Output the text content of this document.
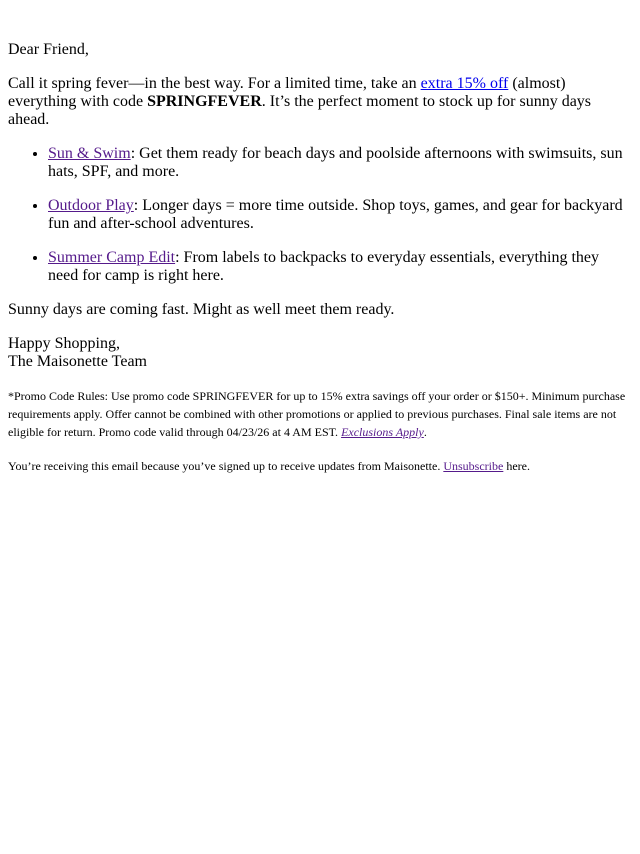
Dear Friend,

Call it spring fever—in the best way. For a limited time, take an extra 15% off (almost) everything with code SPRINGFEVER. It’s the perfect moment to stock up for sunny days ahead.

• Sun & Swim: Get them ready for beach days and poolside afternoons with swimsuits, sun hats, SPF, and more.
• Outdoor Play: Longer days = more time outside. Shop toys, games, and gear for backyard fun and after-school adventures.
• Summer Camp Edit: From labels to backpacks to everyday essentials, everything they need for camp is right here.

Sunny days are coming fast. Might as well meet them ready.

Happy Shopping,
The Maisonette Team

*Promo Code Rules: Use promo code SPRINGFEVER for up to 15% extra savings off your order or $150+. Minimum purchase requirements apply. Offer cannot be combined with other promotions or applied to previous purchases. Final sale items are not eligible for return. Promo code valid through 04/23/26 at 4 AM EST. Exclusions Apply.

You’re receiving this email because you’ve signed up to receive updates from Maisonette. Unsubscribe here.
